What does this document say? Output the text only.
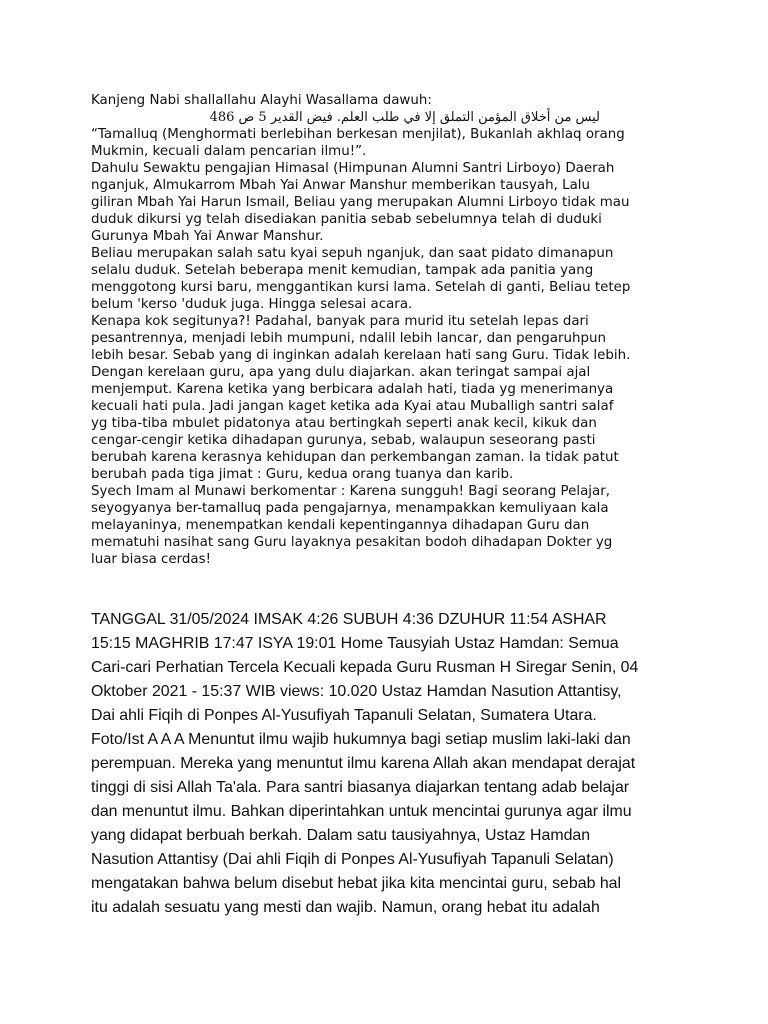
Kanjeng Nabi shallallahu Alayhi Wasallama dawuh:

ليس من أخلاق المؤمن التملق إلا في طلب العلم. فيض القدير 5 ص 486

“Tamalluq (Menghormati berlebihan berkesan menjilat), Bukanlah akhlaq orang

Mukmin, kecuali dalam pencarian ilmu!”.

Dahulu Sewaktu pengajian Himasal (Himpunan Alumni Santri Lirboyo) Daerah

nganjuk, Almukarrom Mbah Yai Anwar Manshur memberikan tausyah, Lalu

giliran Mbah Yai Harun Ismail, Beliau yang merupakan Alumni Lirboyo tidak mau

duduk dikursi yg telah disediakan panitia sebab sebelumnya telah di duduki

Gurunya Mbah Yai Anwar Manshur.

Beliau merupakan salah satu kyai sepuh nganjuk, dan saat pidato dimanapun

selalu duduk. Setelah beberapa menit kemudian, tampak ada panitia yang

menggotong kursi baru, menggantikan kursi lama. Setelah di ganti, Beliau tetep

belum 'kerso 'duduk juga. Hingga selesai acara.

Kenapa kok segitunya?! Padahal, banyak para murid itu setelah lepas dari

pesantrennya, menjadi lebih mumpuni, ndalil lebih lancar, dan pengaruhpun

lebih besar. Sebab yang di inginkan adalah kerelaan hati sang Guru. Tidak lebih.

Dengan kerelaan guru, apa yang dulu diajarkan. akan teringat sampai ajal

menjemput. Karena ketika yang berbicara adalah hati, tiada yg menerimanya

kecuali hati pula. Jadi jangan kaget ketika ada Kyai atau Muballigh santri salaf

yg tiba-tiba mbulet pidatonya atau bertingkah seperti anak kecil, kikuk dan

cengar-cengir ketika dihadapan gurunya, sebab, walaupun seseorang pasti

berubah karena kerasnya kehidupan dan perkembangan zaman. Ia tidak patut

berubah pada tiga jimat : Guru, kedua orang tuanya dan karib.

Syech Imam al Munawi berkomentar : Karena sungguh! Bagi seorang Pelajar,

seyogyanya ber-tamalluq pada pengajarnya, menampakkan kemuliyaan kala

melayaninya, menempatkan kendali kepentingannya dihadapan Guru dan

mematuhi nasihat sang Guru layaknya pesakitan bodoh dihadapan Dokter yg

luar biasa cerdas!

TANGGAL 31/05/2024 IMSAK 4:26 SUBUH 4:36 DZUHUR 11:54 ASHAR

15:15 MAGHRIB 17:47 ISYA 19:01 Home Tausyiah Ustaz Hamdan: Semua

Cari-cari Perhatian Tercela Kecuali kepada Guru Rusman H Siregar Senin, 04

Oktober 2021 - 15:37 WIB views: 10.020 Ustaz Hamdan Nasution Attantisy,

Dai ahli Fiqih di Ponpes Al-Yusufiyah Tapanuli Selatan, Sumatera Utara.

Foto/Ist A A A Menuntut ilmu wajib hukumnya bagi setiap muslim laki-laki dan

perempuan. Mereka yang menuntut ilmu karena Allah akan mendapat derajat

tinggi di sisi Allah Ta'ala. Para santri biasanya diajarkan tentang adab belajar

dan menuntut ilmu. Bahkan diperintahkan untuk mencintai gurunya agar ilmu

yang didapat berbuah berkah. Dalam satu tausiyahnya, Ustaz Hamdan

Nasution Attantisy (Dai ahli Fiqih di Ponpes Al-Yusufiyah Tapanuli Selatan)

mengatakan bahwa belum disebut hebat jika kita mencintai guru, sebab hal

itu adalah sesuatu yang mesti dan wajib. Namun, orang hebat itu adalah
